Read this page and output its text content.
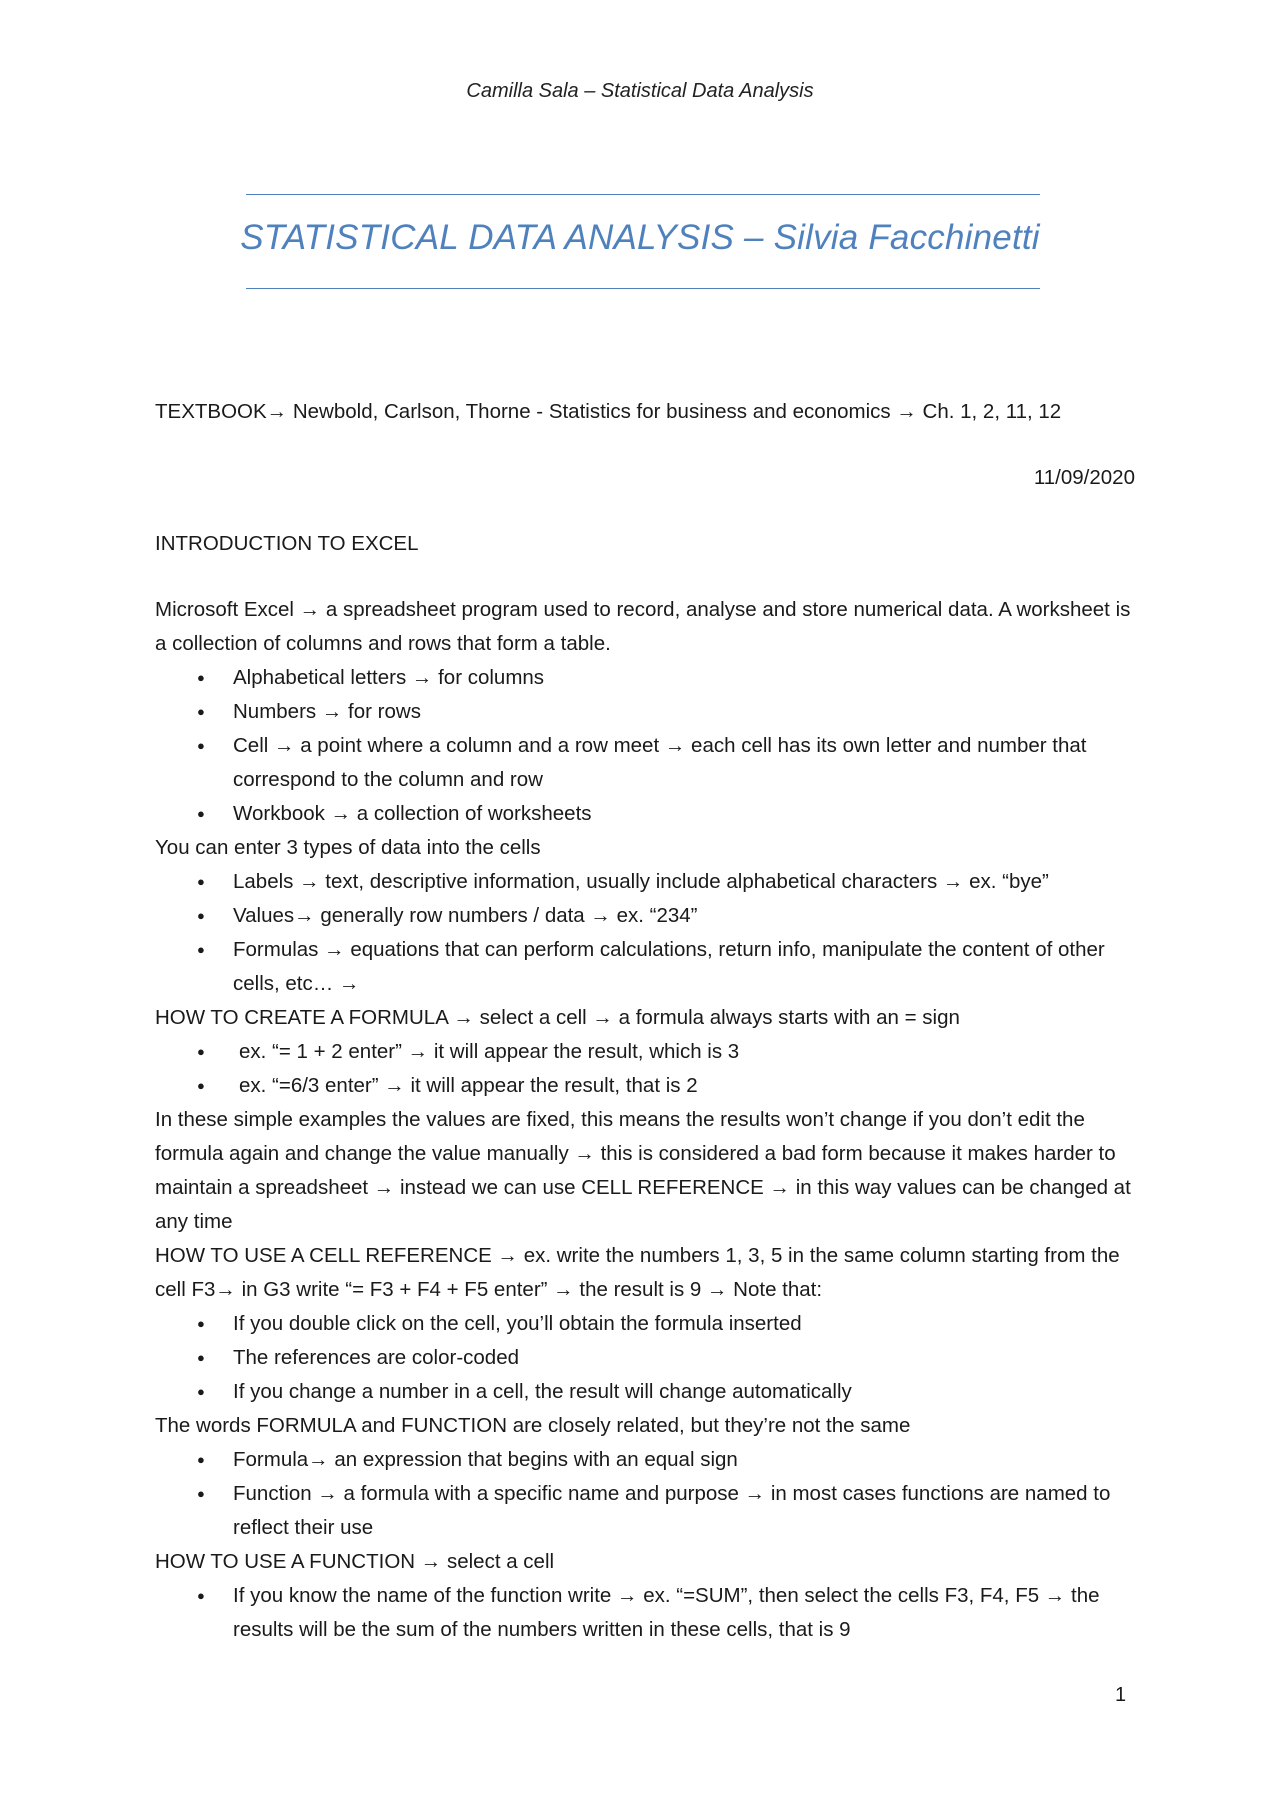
Camilla Sala – Statistical Data Analysis
STATISTICAL DATA ANALYSIS – Silvia Facchinetti

TEXTBOOK→ Newbold, Carlson, Thorne - Statistics for business and economics → Ch. 1, 2, 11, 12

11/09/2020

INTRODUCTION TO EXCEL

Microsoft Excel → a spreadsheet program used to record, analyse and store numerical data. A worksheet is a collection of columns and rows that form a table.

● Alphabetical letters → for columns
● Numbers → for rows
● Cell → a point where a column and a row meet → each cell has its own letter and number that correspond to the column and row
● Workbook → a collection of worksheets

You can enter 3 types of data into the cells

● Labels → text, descriptive information, usually include alphabetical characters → ex. “bye”
● Values→ generally row numbers / data → ex. “234”
● Formulas → equations that can perform calculations, return info, manipulate the content of other cells, etc… →

HOW TO CREATE A FORMULA → select a cell → a formula always starts with an = sign

● ex. “= 1 + 2 enter” → it will appear the result, which is 3
● ex. “=6/3 enter” → it will appear the result, that is 2

In these simple examples the values are fixed, this means the results won’t change if you don’t edit the formula again and change the value manually → this is considered a bad form because it makes harder to maintain a spreadsheet → instead we can use CELL REFERENCE → in this way values can be changed at any time

HOW TO USE A CELL REFERENCE → ex. write the numbers 1, 3, 5 in the same column starting from the cell F3→ in G3 write “= F3 + F4 + F5 enter” → the result is 9 → Note that:

● If you double click on the cell, you’ll obtain the formula inserted
● The references are color-coded
● If you change a number in a cell, the result will change automatically

The words FORMULA and FUNCTION are closely related, but they’re not the same

● Formula→ an expression that begins with an equal sign
● Function → a formula with a specific name and purpose → in most cases functions are named to reflect their use

HOW TO USE A FUNCTION → select a cell

● If you know the name of the function write → ex. “=SUM”, then select the cells F3, F4, F5 → the results will be the sum of the numbers written in these cells, that is 9
1
